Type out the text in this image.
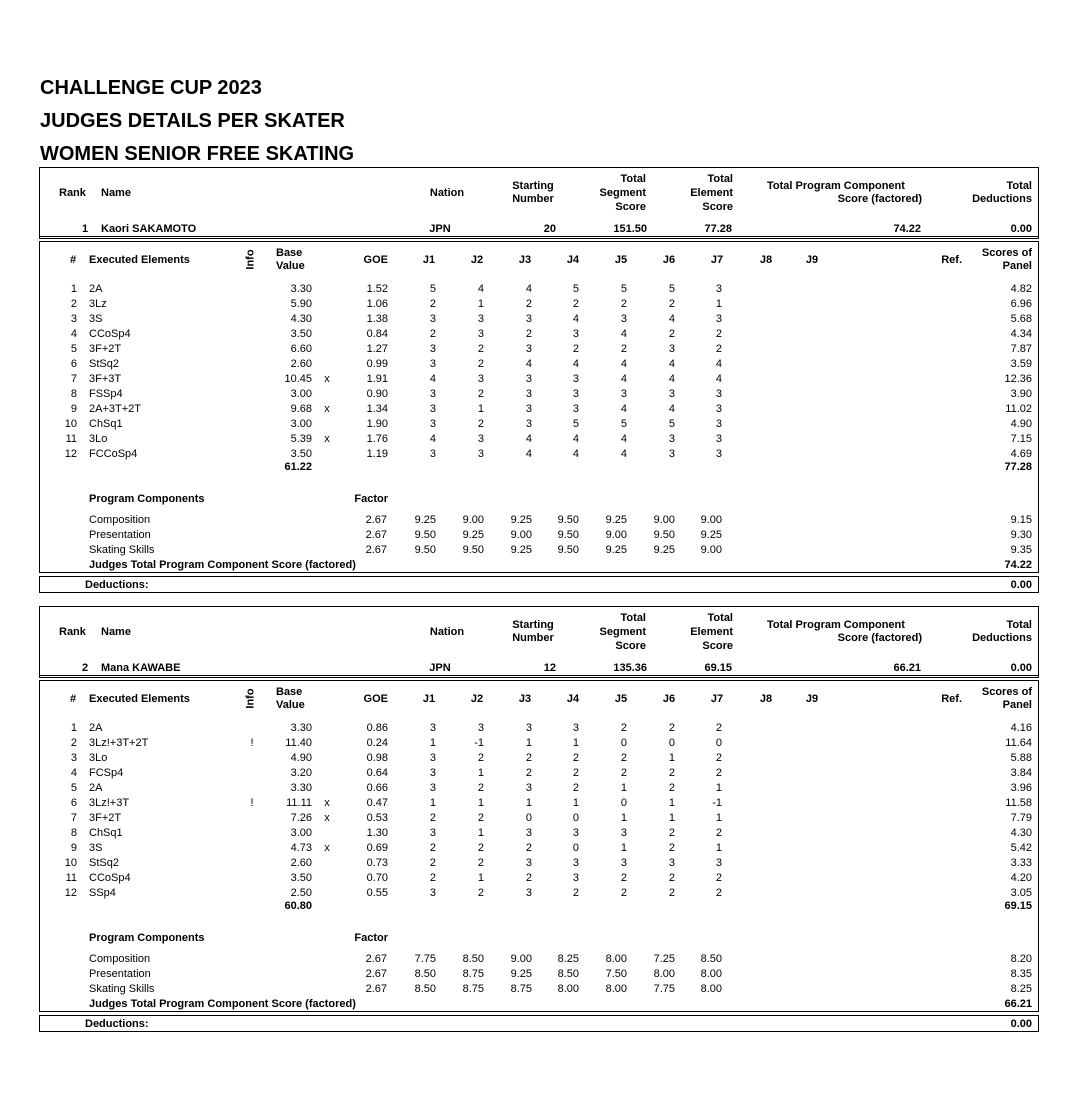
CHALLENGE CUP 2023
JUDGES DETAILS PER SKATER
WOMEN SENIOR FREE SKATING
Rank Name	Nation
Starting
Number
Total
Segment
Score
Total
Element
Score
Total Program Component
Score (factored)
Total
Deductions
1 Kaori SAKAMOTO	JPN	20	151.50	77.28	74.22	0.00
#	Executed Elements	Info Base
Value	GOE	J1	J2	J3	J4	J5	J6	J7	J8	J9	Ref.
Scores of
Panel
1 2A	3.30	1.52	5	4	4	5	5	5	3	4.82
2 3Lz	5.90	1.06	2	1	2	2	2	2	1	6.96
3 3S	4.30	1.38	3	3	3	4	3	4	3	5.68
4 CCoSp4	3.50	0.84	2	3	2	3	4	2	2	4.34
5 3F+2T	6.60	1.27	3	2	3	2	2	3	2	7.87
6 StSq2	2.60	0.99	3	2	4	4	4	4	4	3.59
7 3F+3T	10.45	x	1.91	4	3	3	3	4	4	4	12.36
8 FSSp4	3.00	0.90	3	2	3	3	3	3	3	3.90
9 2A+3T+2T	9.68	x	1.34	3	1	3	3	4	4	3	11.02
10 ChSq1	3.00	1.90	3	2	3	5	5	5	3	4.90
11 3Lo	5.39	x	1.76	4	3	4	4	4	3	3	7.15
12 FCCoSp4	3.50	1.19	3	3	4	4	4	3	3	4.69
61.22	77.28
Program Components	Factor
Composition	2.67	9.25	9.00	9.25	9.50	9.25	9.00	9.00	9.15
Presentation	2.67	9.50	9.25	9.00	9.50	9.00	9.50	9.25	9.30
Skating Skills	2.67	9.50	9.50	9.25	9.50	9.25	9.25	9.00	9.35
Judges Total Program Component Score (factored)	74.22
Deductions:	0.00
Rank Name	Nation
Starting
Number
Total
Segment
Score
Total
Element
Score
Total Program Component
Score (factored)
Total
Deductions
2 Mana KAWABE	JPN	12	135.36	69.15	66.21	0.00
#	Executed Elements	Info Base
Value	GOE	J1	J2	J3	J4	J5	J6	J7	J8	J9	Ref.
Scores of
Panel
1 2A	3.30	0.86	3	3	3	3	2	2	2	4.16
2 3Lz!+3T+2T	!	11.40	0.24	1	-1	1	1	0	0	0	11.64
3 3Lo	4.90	0.98	3	2	2	2	2	1	2	5.88
4 FCSp4	3.20	0.64	3	1	2	2	2	2	2	3.84
5 2A	3.30	0.66	3	2	3	2	1	2	1	3.96
6 3Lz!+3T	!	11.11	x	0.47	1	1	1	1	0	1	-1	11.58
7 3F+2T	7.26	x	0.53	2	2	0	0	1	1	1	7.79
8 ChSq1	3.00	1.30	3	1	3	3	3	2	2	4.30
9 3S	4.73	x	0.69	2	2	2	0	1	2	1	5.42
10 StSq2	2.60	0.73	2	2	3	3	3	3	3	3.33
11 CCoSp4	3.50	0.70	2	1	2	3	2	2	2	4.20
12 SSp4	2.50	0.55	3	2	3	2	2	2	2	3.05
60.80	69.15
Program Components	Factor
Composition	2.67	7.75	8.50	9.00	8.25	8.00	7.25	8.50	8.20
Presentation	2.67	8.50	8.75	9.25	8.50	7.50	8.00	8.00	8.35
Skating Skills	2.67	8.50	8.75	8.75	8.00	8.00	7.75	8.00	8.25
Judges Total Program Component Score (factored)	66.21
Deductions:	0.00
